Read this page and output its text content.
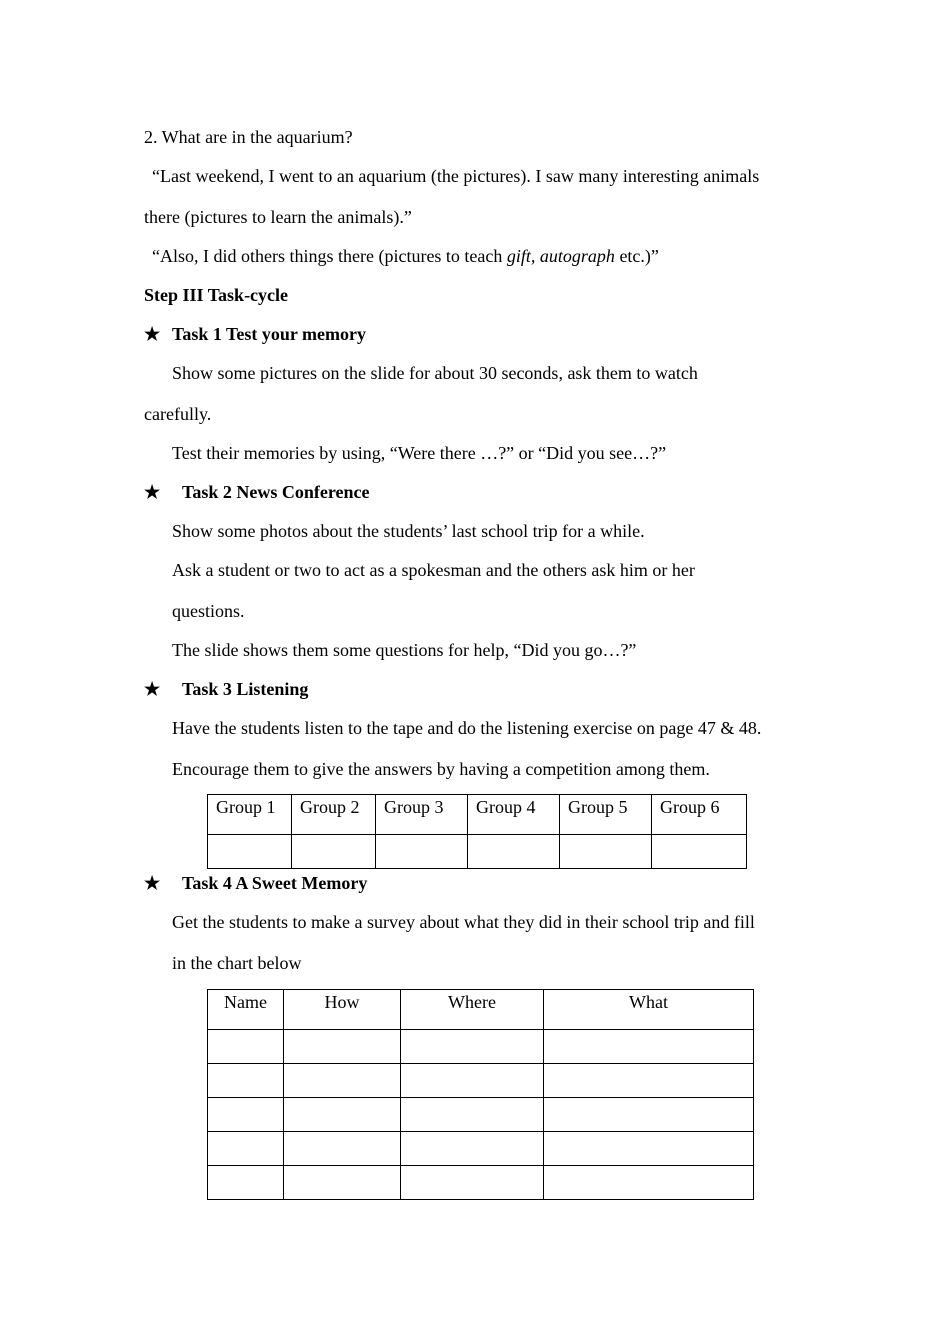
2. What are in the aquarium?
“Last weekend, I went to an aquarium (the pictures). I saw many interesting animals
there (pictures to learn the animals).”
“Also, I did others things there (pictures to teach gift, autograph etc.)”
Step III Task-cycle
★ Task 1 Test your memory
Show some pictures on the slide for about 30 seconds, ask them to watch
carefully.
Test their memories by using, “Were there …?” or “Did you see…?”
★ Task 2 News Conference
Show some photos about the students’ last school trip for a while.
Ask a student or two to act as a spokesman and the others ask him or her
questions.
The slide shows them some questions for help, “Did you go…?”
★ Task 3 Listening
Have the students listen to the tape and do the listening exercise on page 47 & 48.
Encourage them to give the answers by having a competition among them.
Group 1	Group 2	Group 3	Group 4	Group 5	Group 6

★ Task 4 A Sweet Memory
Get the students to make a survey about what they did in their school trip and fill
in the chart below
Name	How	Where	What
